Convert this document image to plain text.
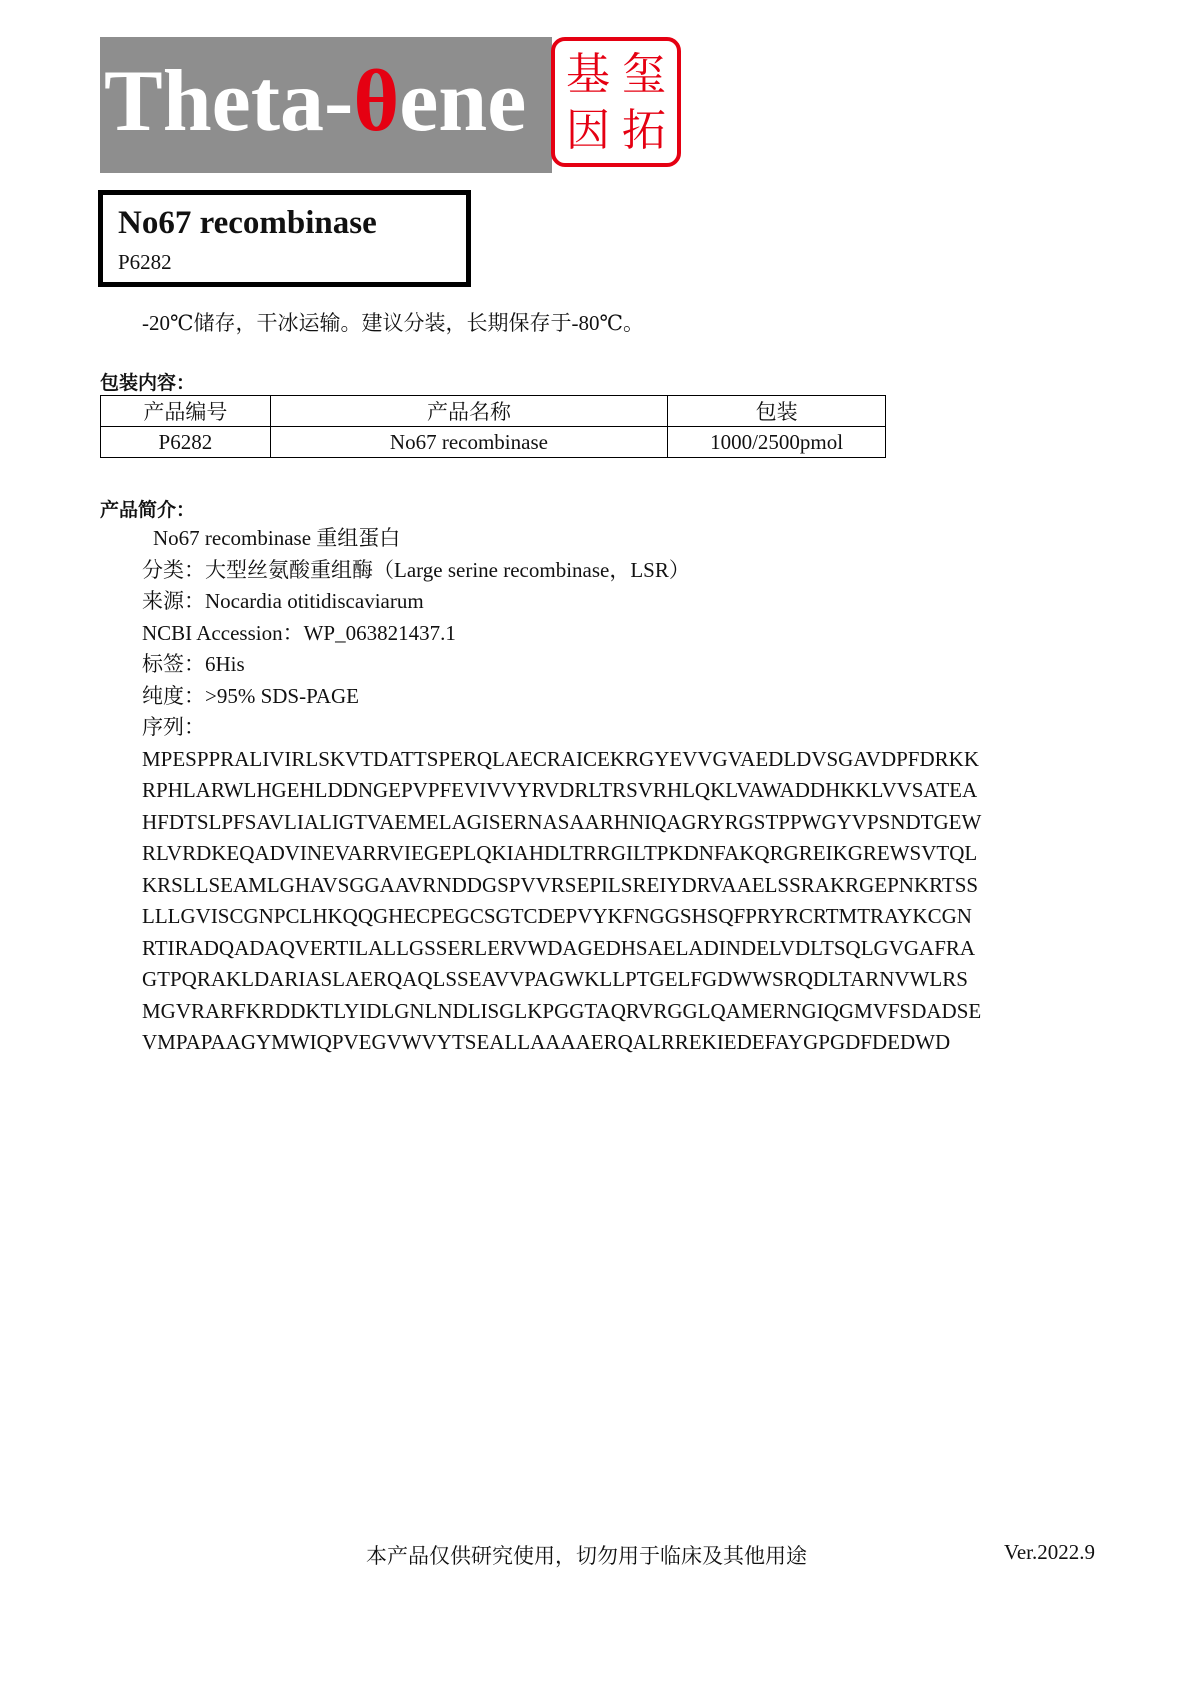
Theta-θene 基 玺
因 拓
No67 recombinase
P6282
-20℃储存，干冰运输。建议分装，长期保存于-80℃。
包装内容：
产品编号	产品名称	包装
P6282	No67 recombinase	1000/2500pmol
产品简介：
No67 recombinase 重组蛋白
分类：大型丝氨酸重组酶（Large serine recombinase，LSR）
来源：Nocardia otitidiscaviarum
NCBI Accession：WP_063821437.1
标签：6His
纯度：>95% SDS-PAGE
序列：
MPESPPRALIVIRLSKVTDATTSPERQLAECRAICEKRGYEVVGVAEDLDVSGAVDPFDRKK
RPHLARWLHGEHLDDNGEPVPFEVIVVYRVDRLTRSVRHLQKLVAWADDHKKLVVSATEA
HFDTSLPFSAVLIALIGTVAEMELAGISERNASAARHNIQAGRYRGSTPPWGYVPSNDTGEW
RLVRDKEQADVINEVARRVIEGEPLQKIAHDLTRRGILTPKDNFAKQRGREIKGREWSVTQL
KRSLLSEAMLGHAVSGGAAVRNDDGSPVVRSEPILSREIYDRVAAELSSRAKRGEPNKRTSS
LLLGVISCGNPCLHKQQGHECPEGCSGTCDEPVYKFNGGSHSQFPRYRCRTMTRAYKCGN
RTIRADQADAQVERTILALLGSSERLERVWDAGEDHSAELADINDELVDLTSQLGVGAFRA
GTPQRAKLDARIASLAERQAQLSSEAVVPAGWKLLPTGELFGDWWSRQDLTARNVWLRS
MGVRARFKRDDKTLYIDLGNLNDLISGLKPGGTAQRVRGGLQAMERNGIQGMVFSDADSE
VMPAPAAGYMWIQPVEGVWVYTSEALLAAAAERQALRREKIEDEFAYGPGDFDEDWD
本产品仅供研究使用，切勿用于临床及其他用途	Ver.2022.9
